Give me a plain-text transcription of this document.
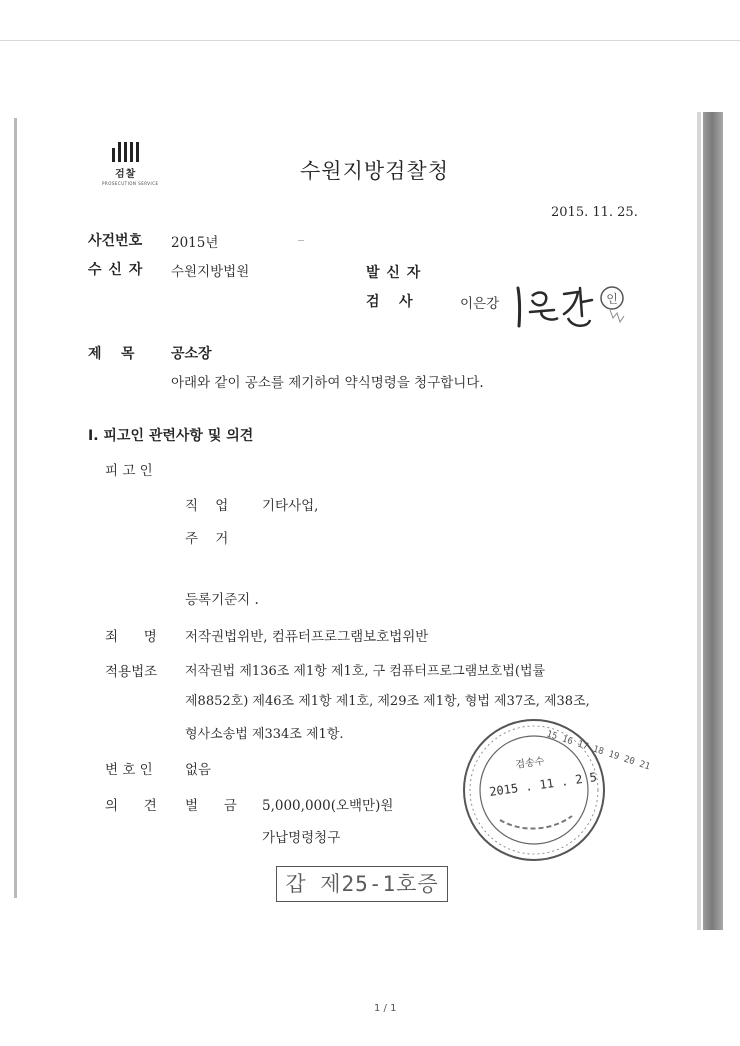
검찰
PROSECUTION SERVICE
수원지방검찰청
2015. 11. 25.
사건번호 2015년
수 신 자 수원지방법원	발 신 자
검    사	이은강	인
제    목	공소장
아래와 같이 공소를 제기하여 약식명령을 청구합니다.
Ⅰ. 피고인 관련사항 및 의견
피 고 인
직    업	기타사업,
주    거
등록기준지 .
죄      명 저작권법위반, 컴퓨터프로그램보호법위반
적용법조 저작권법 제136조 제1항 제1호, 구 컴퓨터프로그램보호법(법률
제8852호) 제46조 제1항 제1호, 제29조 제1항, 형법 제37조, 제38조,
형사소송법 제334조 제1항.
변 호 인 없음
의      견 벌      금 5,000,000(오백만)원
가납명령청구
15 16 17 18 19 20 21
검송수
2015 . 11 . 2 5
갑 제25-1호증
1 / 1
